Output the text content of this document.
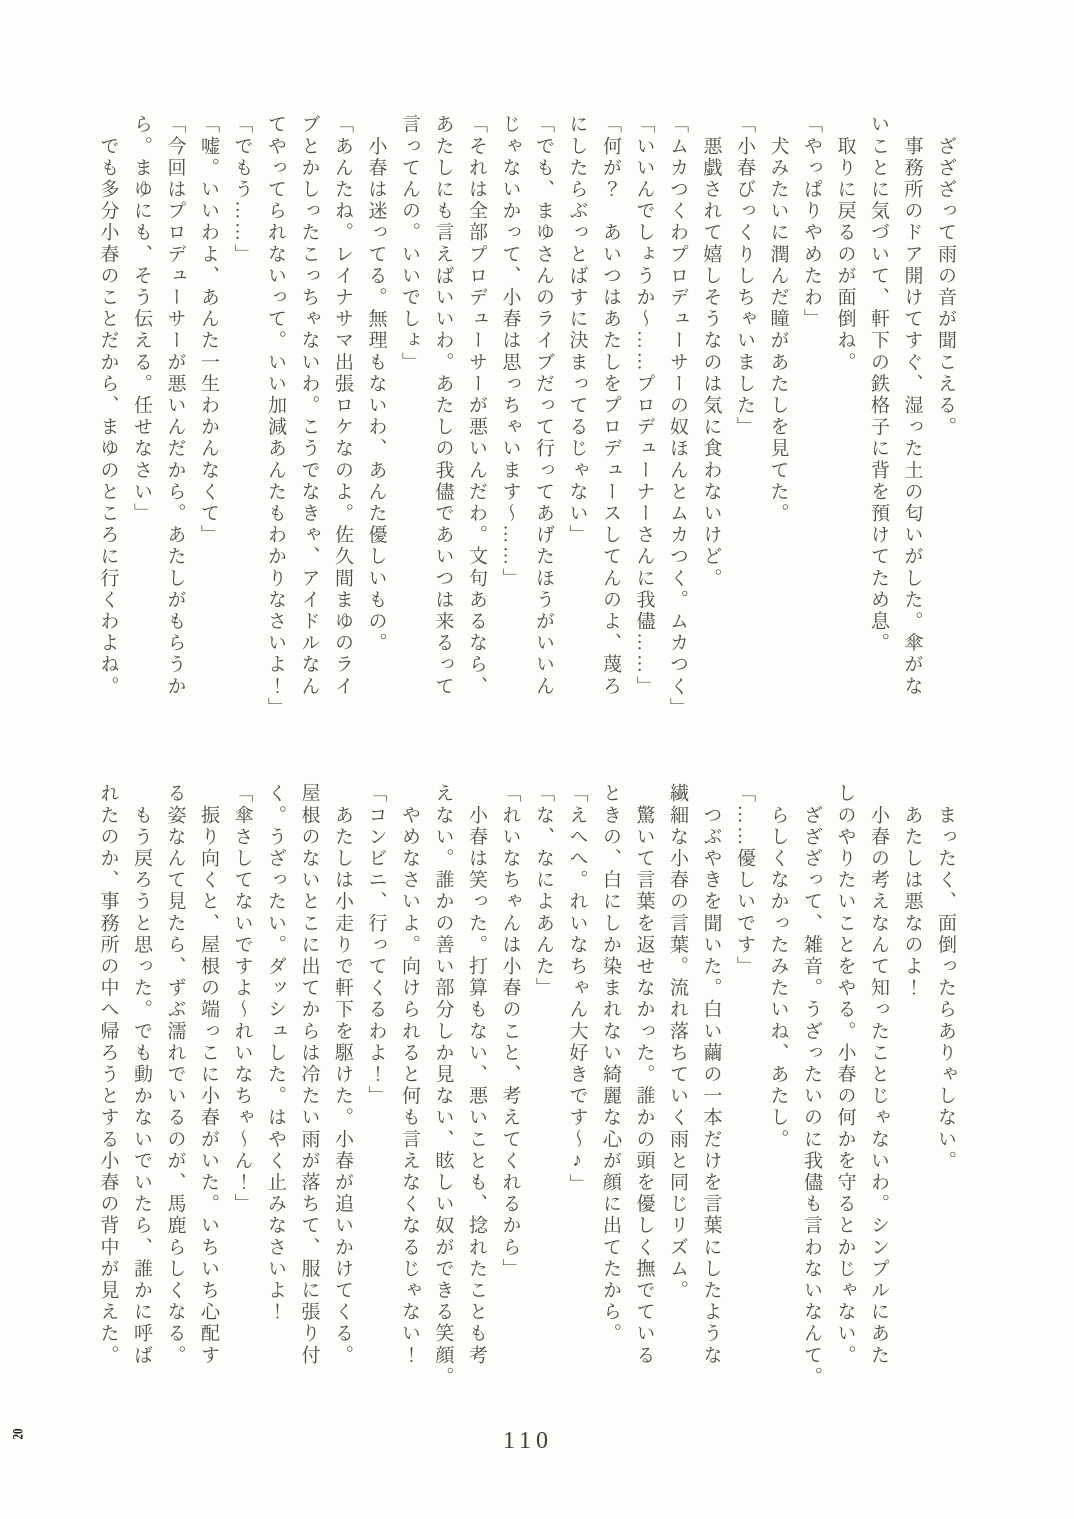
　ざざざって雨の音が聞こえる。

　事務所のドア開けてすぐ、湿った土の匂いがした。傘がな

いことに気づいて、軒下の鉄格子に背を預けてため息。

　取りに戻るのが面倒ね。

「やっぱりやめたわ」

　犬みたいに潤んだ瞳があたしを見てた。

「小春びっくりしちゃいました」

　悪戯されて嬉しそうなのは気に食わないけど。

「ムカつくわプロデューサーの奴ほんとムカつく。ムカつく」

「いいんでしょうか〜……プロデューナーさんに我儘……」

「何が？　あいつはあたしをプロデュースしてんのよ、蔑ろ

にしたらぶっとばすに決まってるじゃない」

「でも、まゆさんのライブだって行ってあげたほうがいいん

じゃないかって、小春は思っちゃいます〜……」

「それは全部プロデューサーが悪いんだわ。文句あるなら、

あたしにも言えばいいわ。あたしの我儘であいつは来るって

言ってんの。いいでしょ」

　小春は迷ってる。無理もないわ、あんた優しいもの。

「あんたね。レイナサマ出張ロケなのよ。佐久間まゆのライ

ブとかしったこっちゃないわ。こうでなきゃ、アイドルなん

てやってられないって。いい加減あんたもわかりなさいよ！」

「でもう……」

「嘘。いいわよ、あんた一生わかんなくて」

「今回はプロデューサーが悪いんだから。あたしがもらうか

ら。まゆにも、そう伝える。任せなさい」

　でも多分小春のことだから、まゆのところに行くわよね。

　まったく、面倒ったらありゃしない。

　あたしは悪なのよ！

　小春の考えなんて知ったことじゃないわ。シンプルにあた

しのやりたいことをやる。小春の何かを守るとかじゃない。

　ざざざって、雑音。うざったいのに我儘も言わないなんて。

　らしくなかったみたいね、あたし。

「……優しいです」

　つぶやきを聞いた。白い繭の一本だけを言葉にしたような

繊細な小春の言葉。流れ落ちていく雨と同じリズム。

　驚いて言葉を返せなかった。誰かの頭を優しく撫でている

ときの、白にしか染まれない綺麗な心が顔に出てたから。

「えへへ。れいなちゃん大好きです〜♪」

「な、なによあんた」

「れいなちゃんは小春のこと、考えてくれるから」

　小春は笑った。打算もない、悪いことも、捻れたことも考

えない。誰かの善い部分しか見ない、眩しい奴ができる笑顔。

　やめなさいよ。向けられると何も言えなくなるじゃない！

「コンビニ、行ってくるわよ！」

　あたしは小走りで軒下を駆けた。小春が追いかけてくる。

屋根のないとこに出てからは冷たい雨が落ちて、服に張り付

く。うざったい。ダッシュした。はやく止みなさいよ！

「傘さしてないですよ〜れいなちゃ〜ん！」

　振り向くと、屋根の端っこに小春がいた。いちいち心配す

る姿なんて見たら、ずぶ濡れでいるのが、馬鹿らしくなる。

　もう戻ろうと思った。でも動かないでいたら、誰かに呼ば

れたのか、事務所の中へ帰ろうとする小春の背中が見えた。

110
20
